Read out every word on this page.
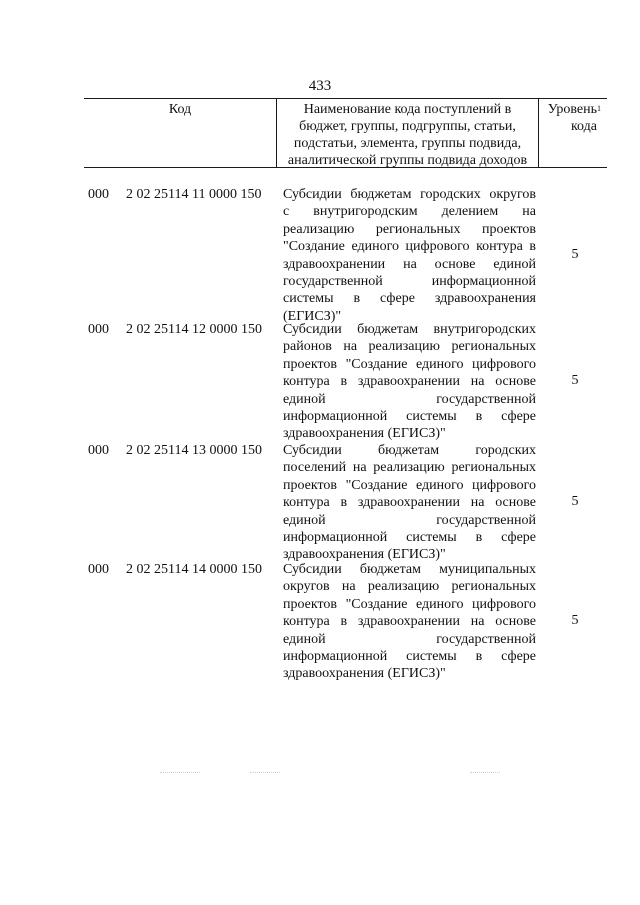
433
Код	Наименование кода поступлений в
бюджет, группы, подгруппы, статьи,
подстатьи, элемента, группы подвида,
аналитической группы подвида доходов
Уровень
кода$^1$
000	2 02 25114 11 0000 150	Субсидии бюджетам городских округов
с внутригородским делением на
реализацию региональных проектов
"Создание единого цифрового контура в
здравоохранении на основе единой
государственной информационной
системы в сфере здравоохранения
(ЕГИСЗ)"
5
000	2 02 25114 12 0000 150	Субсидии бюджетам внутригородских
районов на реализацию региональных
проектов "Создание единого цифрового
контура в здравоохранении на основе
единой государственной
информационной системы в сфере
здравоохранения (ЕГИСЗ)"
5
000	2 02 25114 13 0000 150	Субсидии бюджетам городских
поселений на реализацию региональных
проектов "Создание единого цифрового
контура в здравоохранении на основе
единой государственной
информационной системы в сфере
здравоохранения (ЕГИСЗ)"
5
000	2 02 25114 14 0000 150	Субсидии бюджетам муниципальных
округов на реализацию региональных
проектов "Создание единого цифрового
контура в здравоохранении на основе
единой государственной
информационной системы в сфере
здравоохранения (ЕГИСЗ)"
5
